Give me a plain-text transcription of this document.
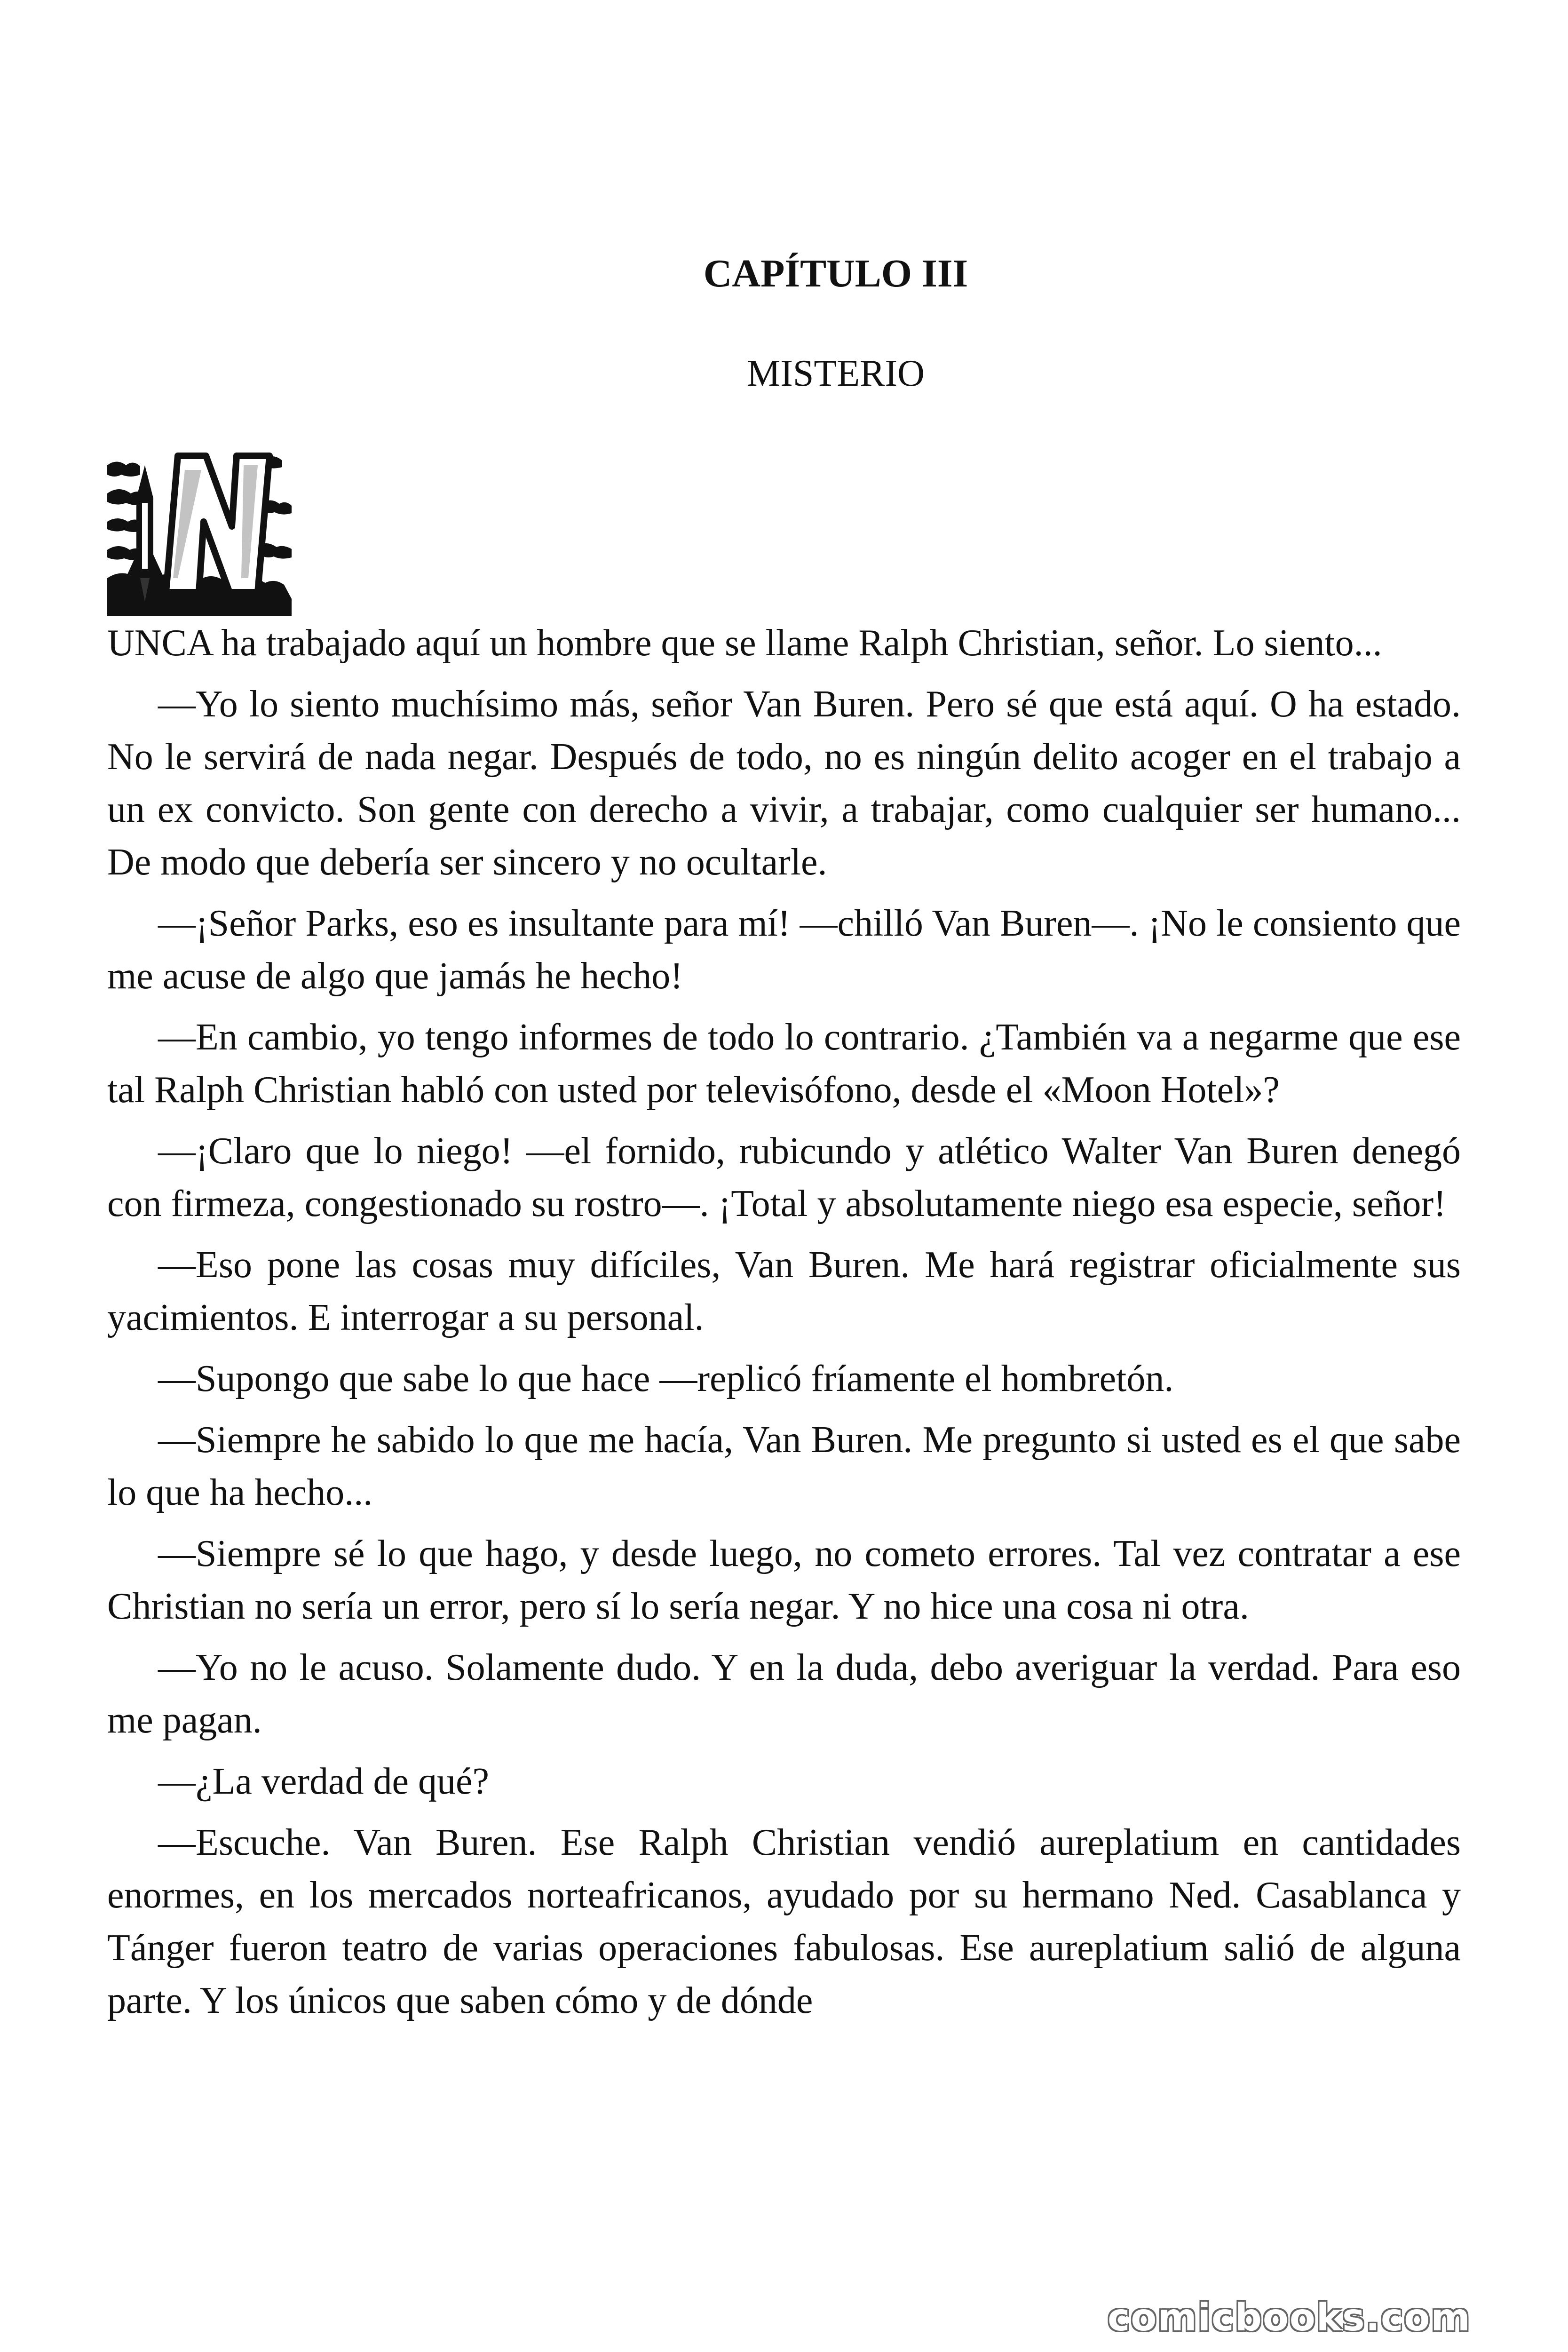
CAPÍTULO III
MISTERIO

UNCA ha trabajado aquí un hombre que se llame Ralph Christian, señor. Lo siento...

—Yo lo siento muchísimo más, señor Van Buren. Pero sé que está aquí. O ha estado. No le servirá de nada negar. Después de todo, no es ningún delito acoger en el trabajo a un ex convicto. Son gente con derecho a vivir, a trabajar, como cualquier ser humano... De modo que debería ser sincero y no ocultarle.

—¡Señor Parks, eso es insultante para mí! —chilló Van Buren—. ¡No le consiento que me acuse de algo que jamás he hecho!

—En cambio, yo tengo informes de todo lo contrario. ¿También va a negarme que ese tal Ralph Christian habló con usted por televisófono, desde el «Moon Hotel»?

—¡Claro que lo niego! —el fornido, rubicundo y atlético Walter Van Buren denegó con firmeza, congestionado su rostro—. ¡Total y absolutamente niego esa especie, señor!

—Eso pone las cosas muy difíciles, Van Buren. Me hará registrar oficialmente sus yacimientos. E interrogar a su personal.

—Supongo que sabe lo que hace —replicó fríamente el hombretón.

—Siempre he sabido lo que me hacía, Van Buren. Me pregunto si usted es el que sabe lo que ha hecho...

—Siempre sé lo que hago, y desde luego, no cometo errores. Tal vez contratar a ese Christian no sería un error, pero sí lo sería negar. Y no hice una cosa ni otra.

—Yo no le acuso. Solamente dudo. Y en la duda, debo averiguar la verdad. Para eso me pagan.

—¿La verdad de qué?

—Escuche. Van Buren. Ese Ralph Christian vendió aureplatium en cantidades enormes, en los mercados norteafricanos, ayudado por su hermano Ned. Casablanca y Tánger fueron teatro de varias operaciones fabulosas. Ese aureplatium salió de alguna parte. Y los únicos que saben cómo y de dónde

comicbooks.com
